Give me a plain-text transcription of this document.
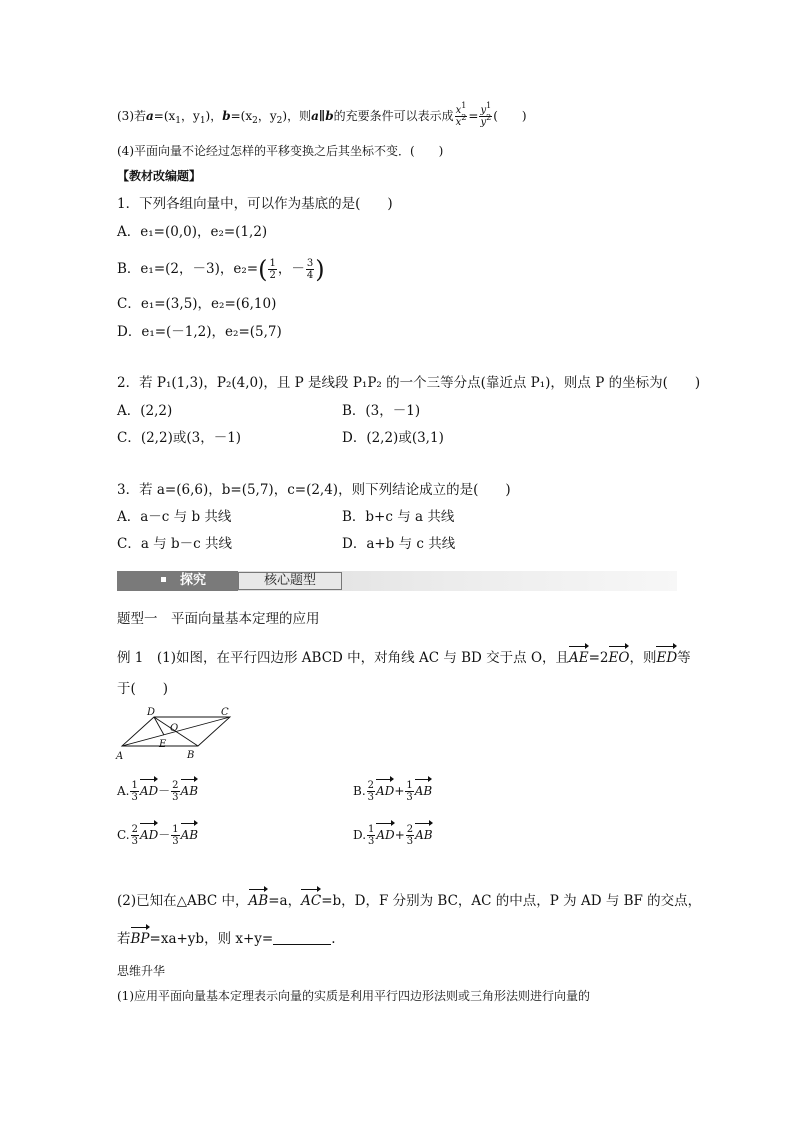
(3)若$a=(x_1$，$y_1$)，$b=(x_2$，$y_2$)，则a∥b的充要条件可以表示成 $\frac{x^1}{x^2} = \frac{y^1}{y^2}$ (　　)
(4)平面向量不论经过怎样的平移变换之后其坐标不变．(　　)
【教材改编题】
1．下列各组向量中，可以作为基底的是(　　)
A．e₁=(0,0)，e₂=(1,2)
B．e₁=(2，－3)，$e_2=( \frac{1}{2}$ ，－ $\frac{3}{4}$ )
C．e₁=(3,5)，e₂=(6,10)
D．e₁=(－1,2)，e₂=(5,7)
2．若 P₁(1,3)，P₂(4,0)，且 P 是线段 P₁P₂ 的一个三等分点(靠近点 P₁)，则点 P 的坐标为(　　)
A．(2,2)	B．(3，－1)
C．(2,2)或(3，－1)	D．(2,2)或(3,1)
3．若 a=(6,6)，b=(5,7)，c=(2,4)，则下列结论成立的是(　　)
A．a－c 与 b 共线	B．b+c 与 a 共线
C．a 与 b－c 共线	D．a+b 与 c 共线
探究	核心题型
题型一　平面向量基本定理的应用
例 1　(1)如图，在平行四边形 ABCD 中，对角线 AC 与 BD 交于点 O，且AE=2EO，则ED等
于(　　)
D	C
O
E
A	B
A. $\frac{1}{3} AD- \frac{2}{3}$ AB	B. $\frac{2}{3} AD+ \frac{1}{3}$ AB
C. $\frac{2}{3} AD- \frac{1}{3}$ AB	D. $\frac{1}{3} AD+ \frac{2}{3}$ AB
(2)已知在△ABC 中，AB=a，AC=b，D，F 分别为 BC，AC 的中点，P 为 AD 与 BF 的交点，
若BP=xa+yb，则 x+y=	.
思维升华
(1)应用平面向量基本定理表示向量的实质是利用平行四边形法则或三角形法则进行向量的
